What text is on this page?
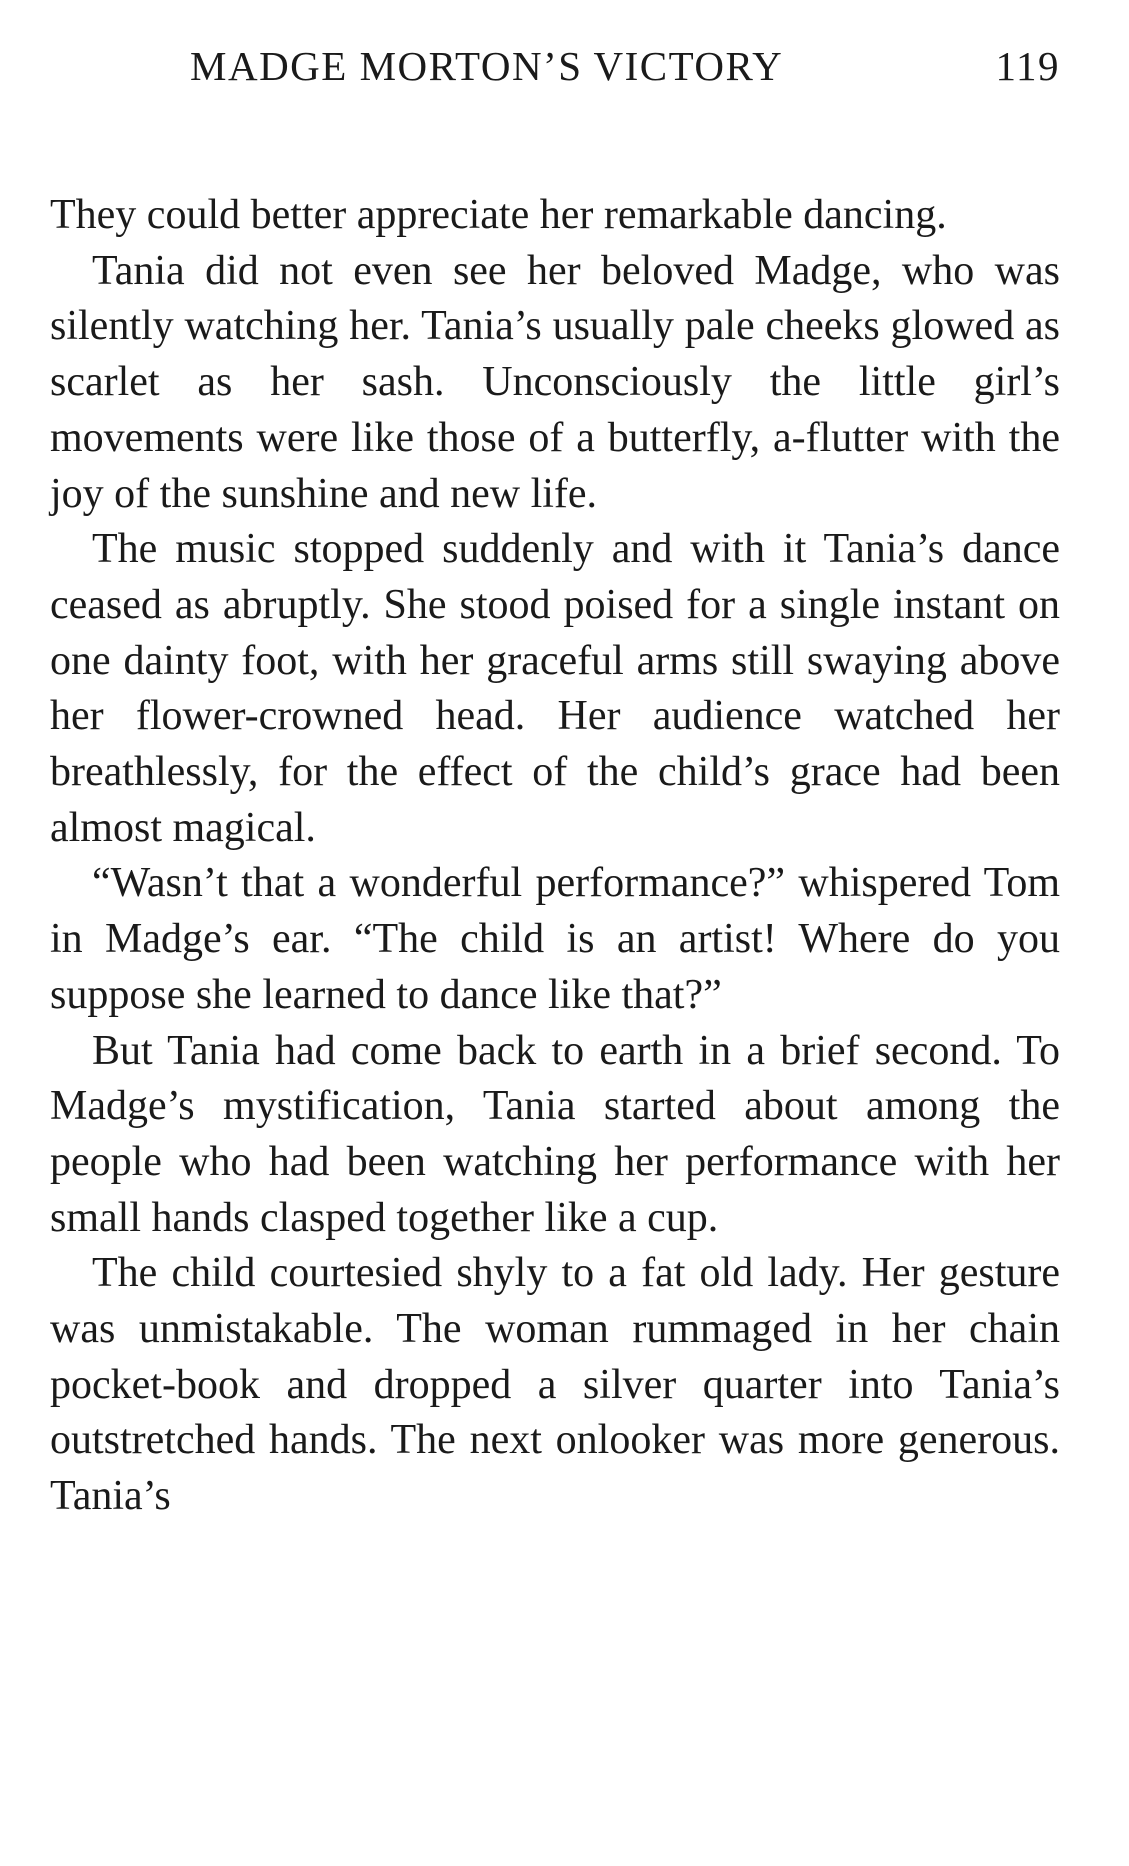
MADGE MORTON’S VICTORY	119

They could better appreciate her remarkable dancing.

Tania did not even see her beloved Madge, who was silently watching her. Tania’s usually pale cheeks glowed as scarlet as her sash. Unconsciously the little girl’s movements were like those of a butterfly, a-flutter with the joy of the sunshine and new life.

The music stopped suddenly and with it Tania’s dance ceased as abruptly. She stood poised for a single instant on one dainty foot, with her graceful arms still swaying above her flower-crowned head. Her audience watched her breathlessly, for the effect of the child’s grace had been almost magical.

“Wasn’t that a wonderful performance?” whispered Tom in Madge’s ear. “The child is an artist! Where do you suppose she learned to dance like that?”

But Tania had come back to earth in a brief second. To Madge’s mystification, Tania started about among the people who had been watching her performance with her small hands clasped together like a cup.

The child courtesied shyly to a fat old lady. Her gesture was unmistakable. The woman rummaged in her chain pocket-book and dropped a silver quarter into Tania’s outstretched hands. The next onlooker was more generous. Tania’s
